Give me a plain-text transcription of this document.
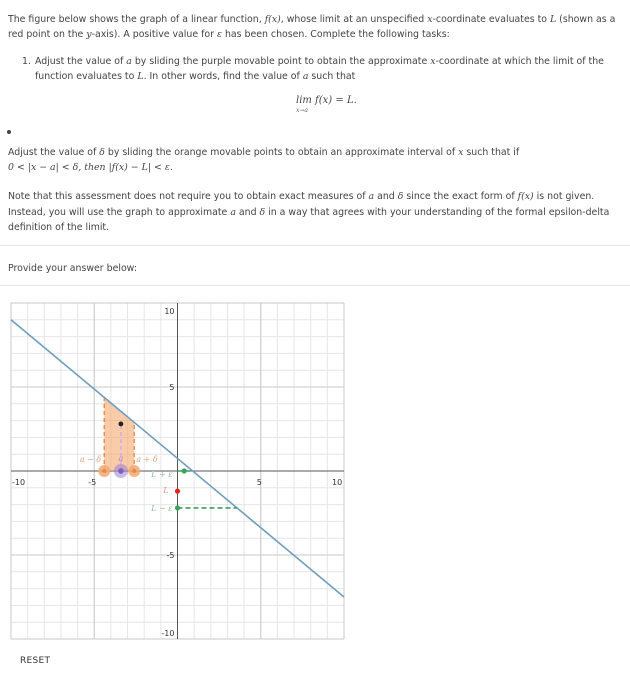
The figure below shows the graph of a linear function, f(x), whose limit at an unspecified x-coordinate evaluates to L (shown as a red point on the y-axis). A positive value for ε has been chosen. Complete the following tasks:
1. Adjust the value of a by sliding the purple movable point to obtain the approximate x-coordinate at which the limit of the function evaluates to L. In other words, find the value of a such that
lim f(x) = L.
x→a
Adjust the value of δ by sliding the orange movable points to obtain an approximate interval of x such that if
0 < |x − a| < δ, then |f(x) − L| < ε.
Note that this assessment does not require you to obtain exact measures of a and δ since the exact form of f(x) is not given. Instead, you will use the graph to approximate a and δ in a way that agrees with your understanding of the formal epsilon-delta definition of the limit.
Provide your answer below:
-10	-5	5	10
10
5
-5
-10
a − δ a a + δ
L + ε
L
L − ε
RESET
